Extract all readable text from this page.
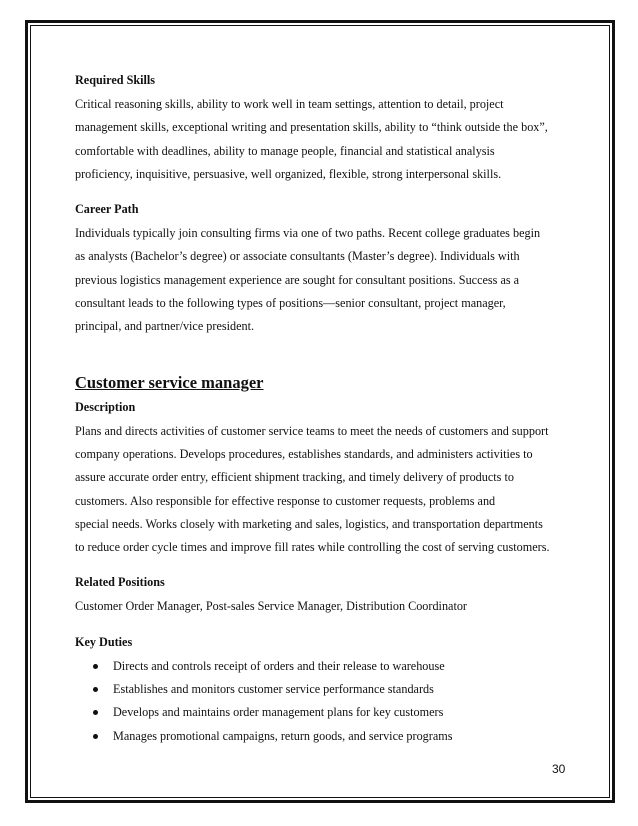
Required Skills

Critical reasoning skills, ability to work well in team settings, attention to detail, project
management skills, exceptional writing and presentation skills, ability to “think outside the box”,
comfortable with deadlines, ability to manage people, financial and statistical analysis
proficiency, inquisitive, persuasive, well organized, flexible, strong interpersonal skills.

Career Path

Individuals typically join consulting firms via one of two paths. Recent college graduates begin
as analysts (Bachelor’s degree) or associate consultants (Master’s degree). Individuals with
previous logistics management experience are sought for consultant positions. Success as a
consultant leads to the following types of positions—senior consultant, project manager,
principal, and partner/vice president.

Customer service manager

Description

Plans and directs activities of customer service teams to meet the needs of customers and support
company operations. Develops procedures, establishes standards, and administers activities to
assure accurate order entry, efficient shipment tracking, and timely delivery of products to
customers. Also responsible for effective response to customer requests, problems and
special needs. Works closely with marketing and sales, logistics, and transportation departments
to reduce order cycle times and improve fill rates while controlling the cost of serving customers.

Related Positions

Customer Order Manager, Post-sales Service Manager, Distribution Coordinator

Key Duties

Directs and controls receipt of orders and their release to warehouse
Establishes and monitors customer service performance standards
Develops and maintains order management plans for key customers
Manages promotional campaigns, return goods, and service programs
30
